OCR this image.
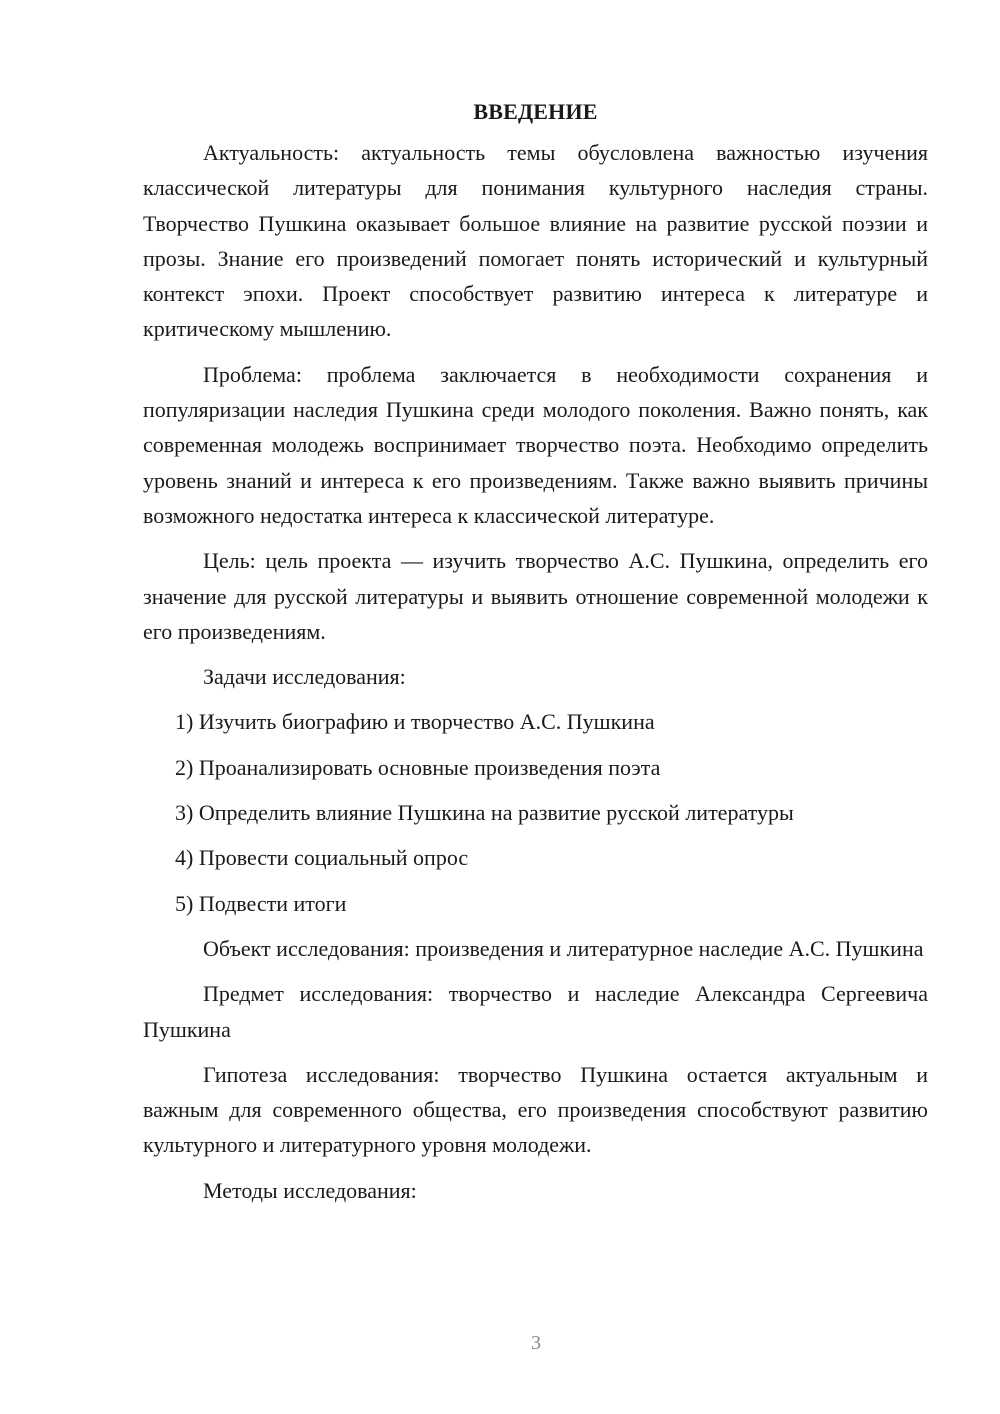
ВВЕДЕНИЕ

Актуальность: актуальность темы обусловлена важностью изучения классической литературы для понимания культурного наследия страны. Творчество Пушкина оказывает большое влияние на развитие русской поэзии и прозы. Знание его произведений помогает понять исторический и культурный контекст эпохи. Проект способствует развитию интереса к литературе и критическому мышлению.

Проблема: проблема заключается в необходимости сохранения и популяризации наследия Пушкина среди молодого поколения. Важно понять, как современная молодежь воспринимает творчество поэта. Необходимо определить уровень знаний и интереса к его произведениям. Также важно выявить причины возможного недостатка интереса к классической литературе.

Цель: цель проекта — изучить творчество А.С. Пушкина, определить его значение для русской литературы и выявить отношение современной молодежи к его произведениям.

Задачи исследования:

1) Изучить биографию и творчество А.С. Пушкина

2) Проанализировать основные произведения поэта

3) Определить влияние Пушкина на развитие русской литературы

4) Провести социальный опрос

5) Подвести итоги

Объект исследования: произведения и литературное наследие А.С. Пушкина

Предмет исследования: творчество и наследие Александра Сергеевича Пушкина

Гипотеза исследования: творчество Пушкина остается актуальным и важным для современного общества, его произведения способствуют развитию культурного и литературного уровня молодежи.

Методы исследования:

3
